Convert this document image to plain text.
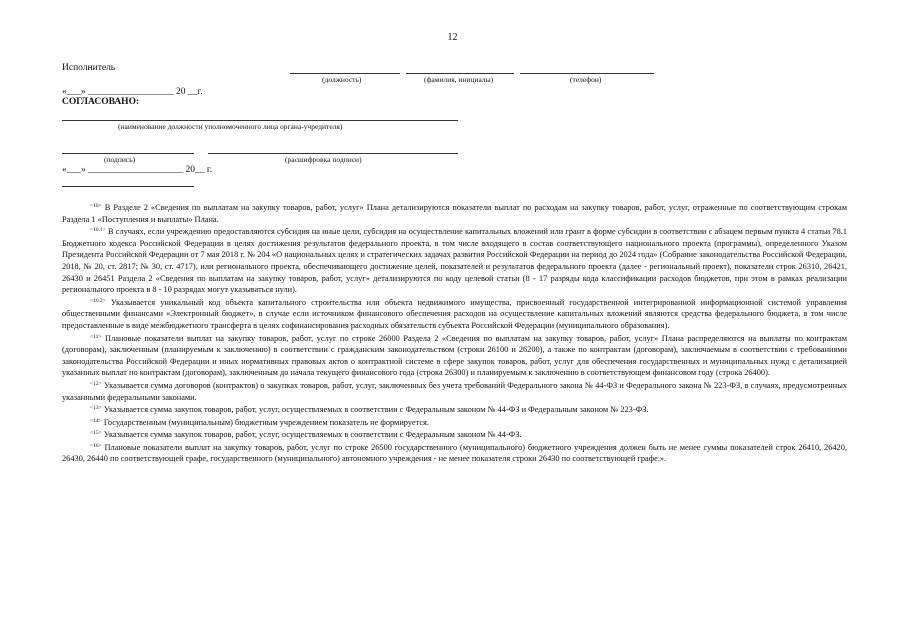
12
Исполнитель
(должность)	(фамилия, инициалы)	(телефон)
«___» __________________ 20 __г.
СОГЛАСОВАНО:
(наименование должности уполномоченного лица органа-учредителя)
(подпись)	(расшифровка подписи)
«___» ____________________ 20__ г.

$^{<10>}$ В Разделе 2 «Сведения по выплатам на закупку товаров, работ, услуг» Плана детализируются показатели выплат по расходам на закупку товаров, работ, услуг, отраженные по соответствующим строкам Раздела 1 «Поступления и выплаты» Плана.

$^{<10.1>}$ В случаях, если учреждению предоставляются субсидия на иные цели, субсидия на осуществление капитальных вложений или грант в форме субсидии в соответствии с абзацем первым пункта 4 статьи 78.1 Бюджетного кодекса Российской Федерации в целях достижения результатов федерального проекта, в том числе входящего в состав соответствующего национального проекта (программы), определенного Указом Президента Российской Федерации от 7 мая 2018 г. № 204 «О национальных целях и стратегических задачах развития Российской Федерации на период до 2024 года» (Собрание законодательства Российской Федерации, 2018, № 20, ст. 2817; № 30, ст. 4717), или регионального проекта, обеспечивающего достижение целей, показателей и результатов федерального проекта (далее - региональный проект), показатели строк 26310, 26421, 26430 и 26451 Раздела 2 «Сведения по выплатам на закупку товаров, работ, услуг» детализируются по коду целевой статьи (8 - 17 разряды кода классификации расходов бюджетов, при этом в рамках реализации регионального проекта в 8 - 10 разрядах могут указываться нули).

$^{<10.2>}$ Указывается уникальный код объекта капитального строительства или объекта недвижимого имущества, присвоенный государственной интегрированной информационной системой управления общественными финансами «Электронный бюджет», в случае если источником финансового обеспечения расходов на осуществление капитальных вложений являются средства федерального бюджета, в том числе предоставленные в виде межбюджетного трансферта в целях софинансирования расходных обязательств субъекта Российской Федерации (муниципального образования).

$^{<11>}$ Плановые показатели выплат на закупку товаров, работ, услуг по строке 26000 Раздела 2 «Сведения по выплатам на закупку товаров, работ, услуг» Плана распределяются на выплаты по контрактам (договорам), заключенным (планируемым к заключению) в соответствии с гражданским законодательством (строки 26100 и 26200), а также по контрактам (договорам), заключаемым в соответствии с требованиями законодательства Российской Федерации и иных нормативных правовых актов о контрактной системе в сфере закупок товаров, работ, услуг для обеспечения государственных и муниципальных нужд с детализацией указанных выплат по контрактам (договорам), заключенным до начала текущего финансового года (строка 26300) и планируемым к заключению в соответствующем финансовом году (строка 26400).

$^{<12>}$ Указывается сумма договоров (контрактов) о закупках товаров, работ, услуг, заключенных без учета требований Федерального закона № 44-ФЗ и Федерального закона № 223-ФЗ, в случаях, предусмотренных указанными федеральными законами.

$^{<13>}$ Указывается сумма закупок товаров, работ, услуг, осуществляемых в соответствии с Федеральным законом № 44-ФЗ и Федеральным законом № 223-ФЗ.

$^{<14>}$ Государственным (муниципальным) бюджетным учреждением показатель не формируется.

$^{<15>}$ Указывается сумма закупок товаров, работ, услуг, осуществляемых в соответствии с Федеральным законом № 44-ФЗ.

$^{<16>}$ Плановые показатели выплат на закупку товаров, работ, услуг по строке 26500 государственного (муниципального) бюджетного учреждения должен быть не менее суммы показателей строк 26410, 26420, 26430, 26440 по соответствующей графе, государственного (муниципального) автономного учреждения - не менее показателя строки 26430 по соответствующей графе.».
